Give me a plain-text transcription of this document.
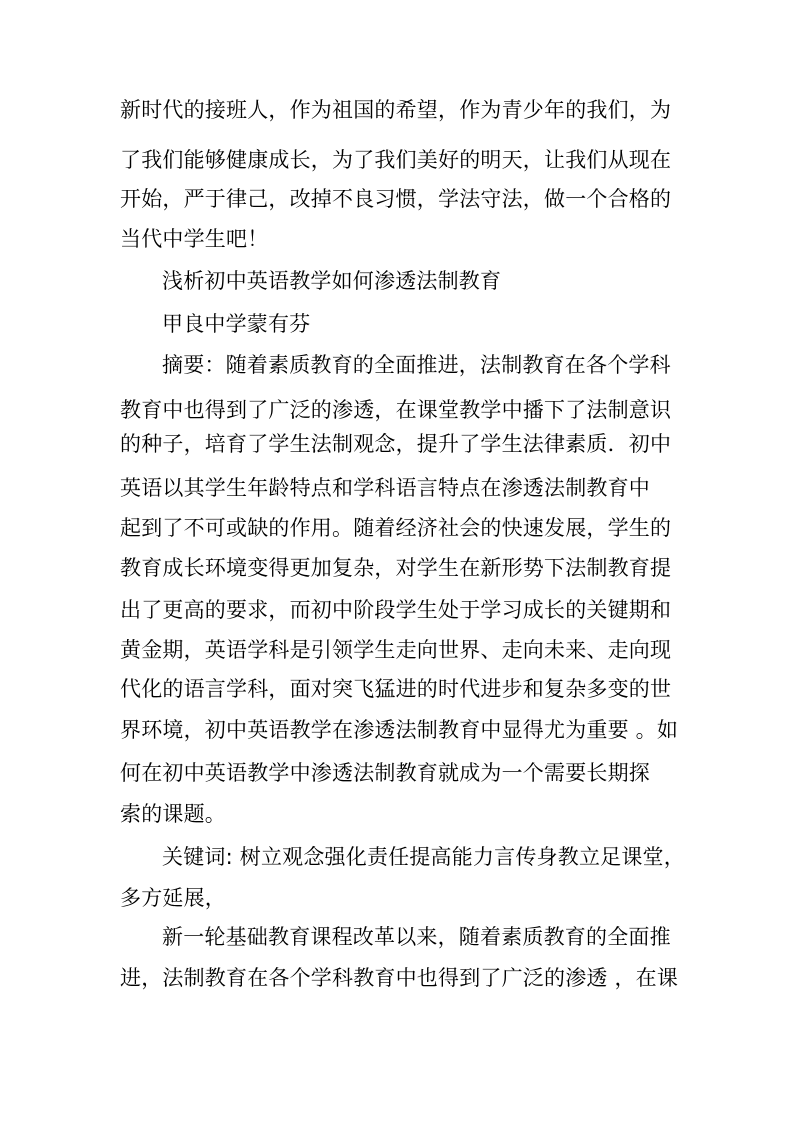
新时代的接班人，作为祖国的希望，作为青少年的我们，为
了我们能够健康成长，为了我们美好的明天，让我们从现在
开始，严于律己，改掉不良习惯，学法守法，做一个合格的
当代中学生吧！
浅析初中英语教学如何渗透法制教育
甲良中学蒙有芬
摘要：随着素质教育的全面推进，法制教育在各个学科
教育中也得到了广泛的渗透，在课堂教学中播下了法制意识
的种子，培育了学生法制观念，提升了学生法律素质．初中
英语以其学生年龄特点和学科语言特点在渗透法制教育中
起到了不可或缺的作用。随着经济社会的快速发展，学生的
教育成长环境变得更加复杂，对学生在新形势下法制教育提
出了更高的要求，而初中阶段学生处于学习成长的关键期和
黄金期，英语学科是引领学生走向世界、走向未来、走向现
代化的语言学科，面对突飞猛进的时代进步和复杂多变的世
界环境，初中英语教学在渗透法制教育中显得尤为重要 。如
何在初中英语教学中渗透法制教育就成为一个需要长期探
索的课题。
关键词: 树立观念强化责任提高能力言传身教立足课堂，
多方延展，
新一轮基础教育课程改革以来，随着素质教育的全面推
进，法制教育在各个学科教育中也得到了广泛的渗透 ，在课
